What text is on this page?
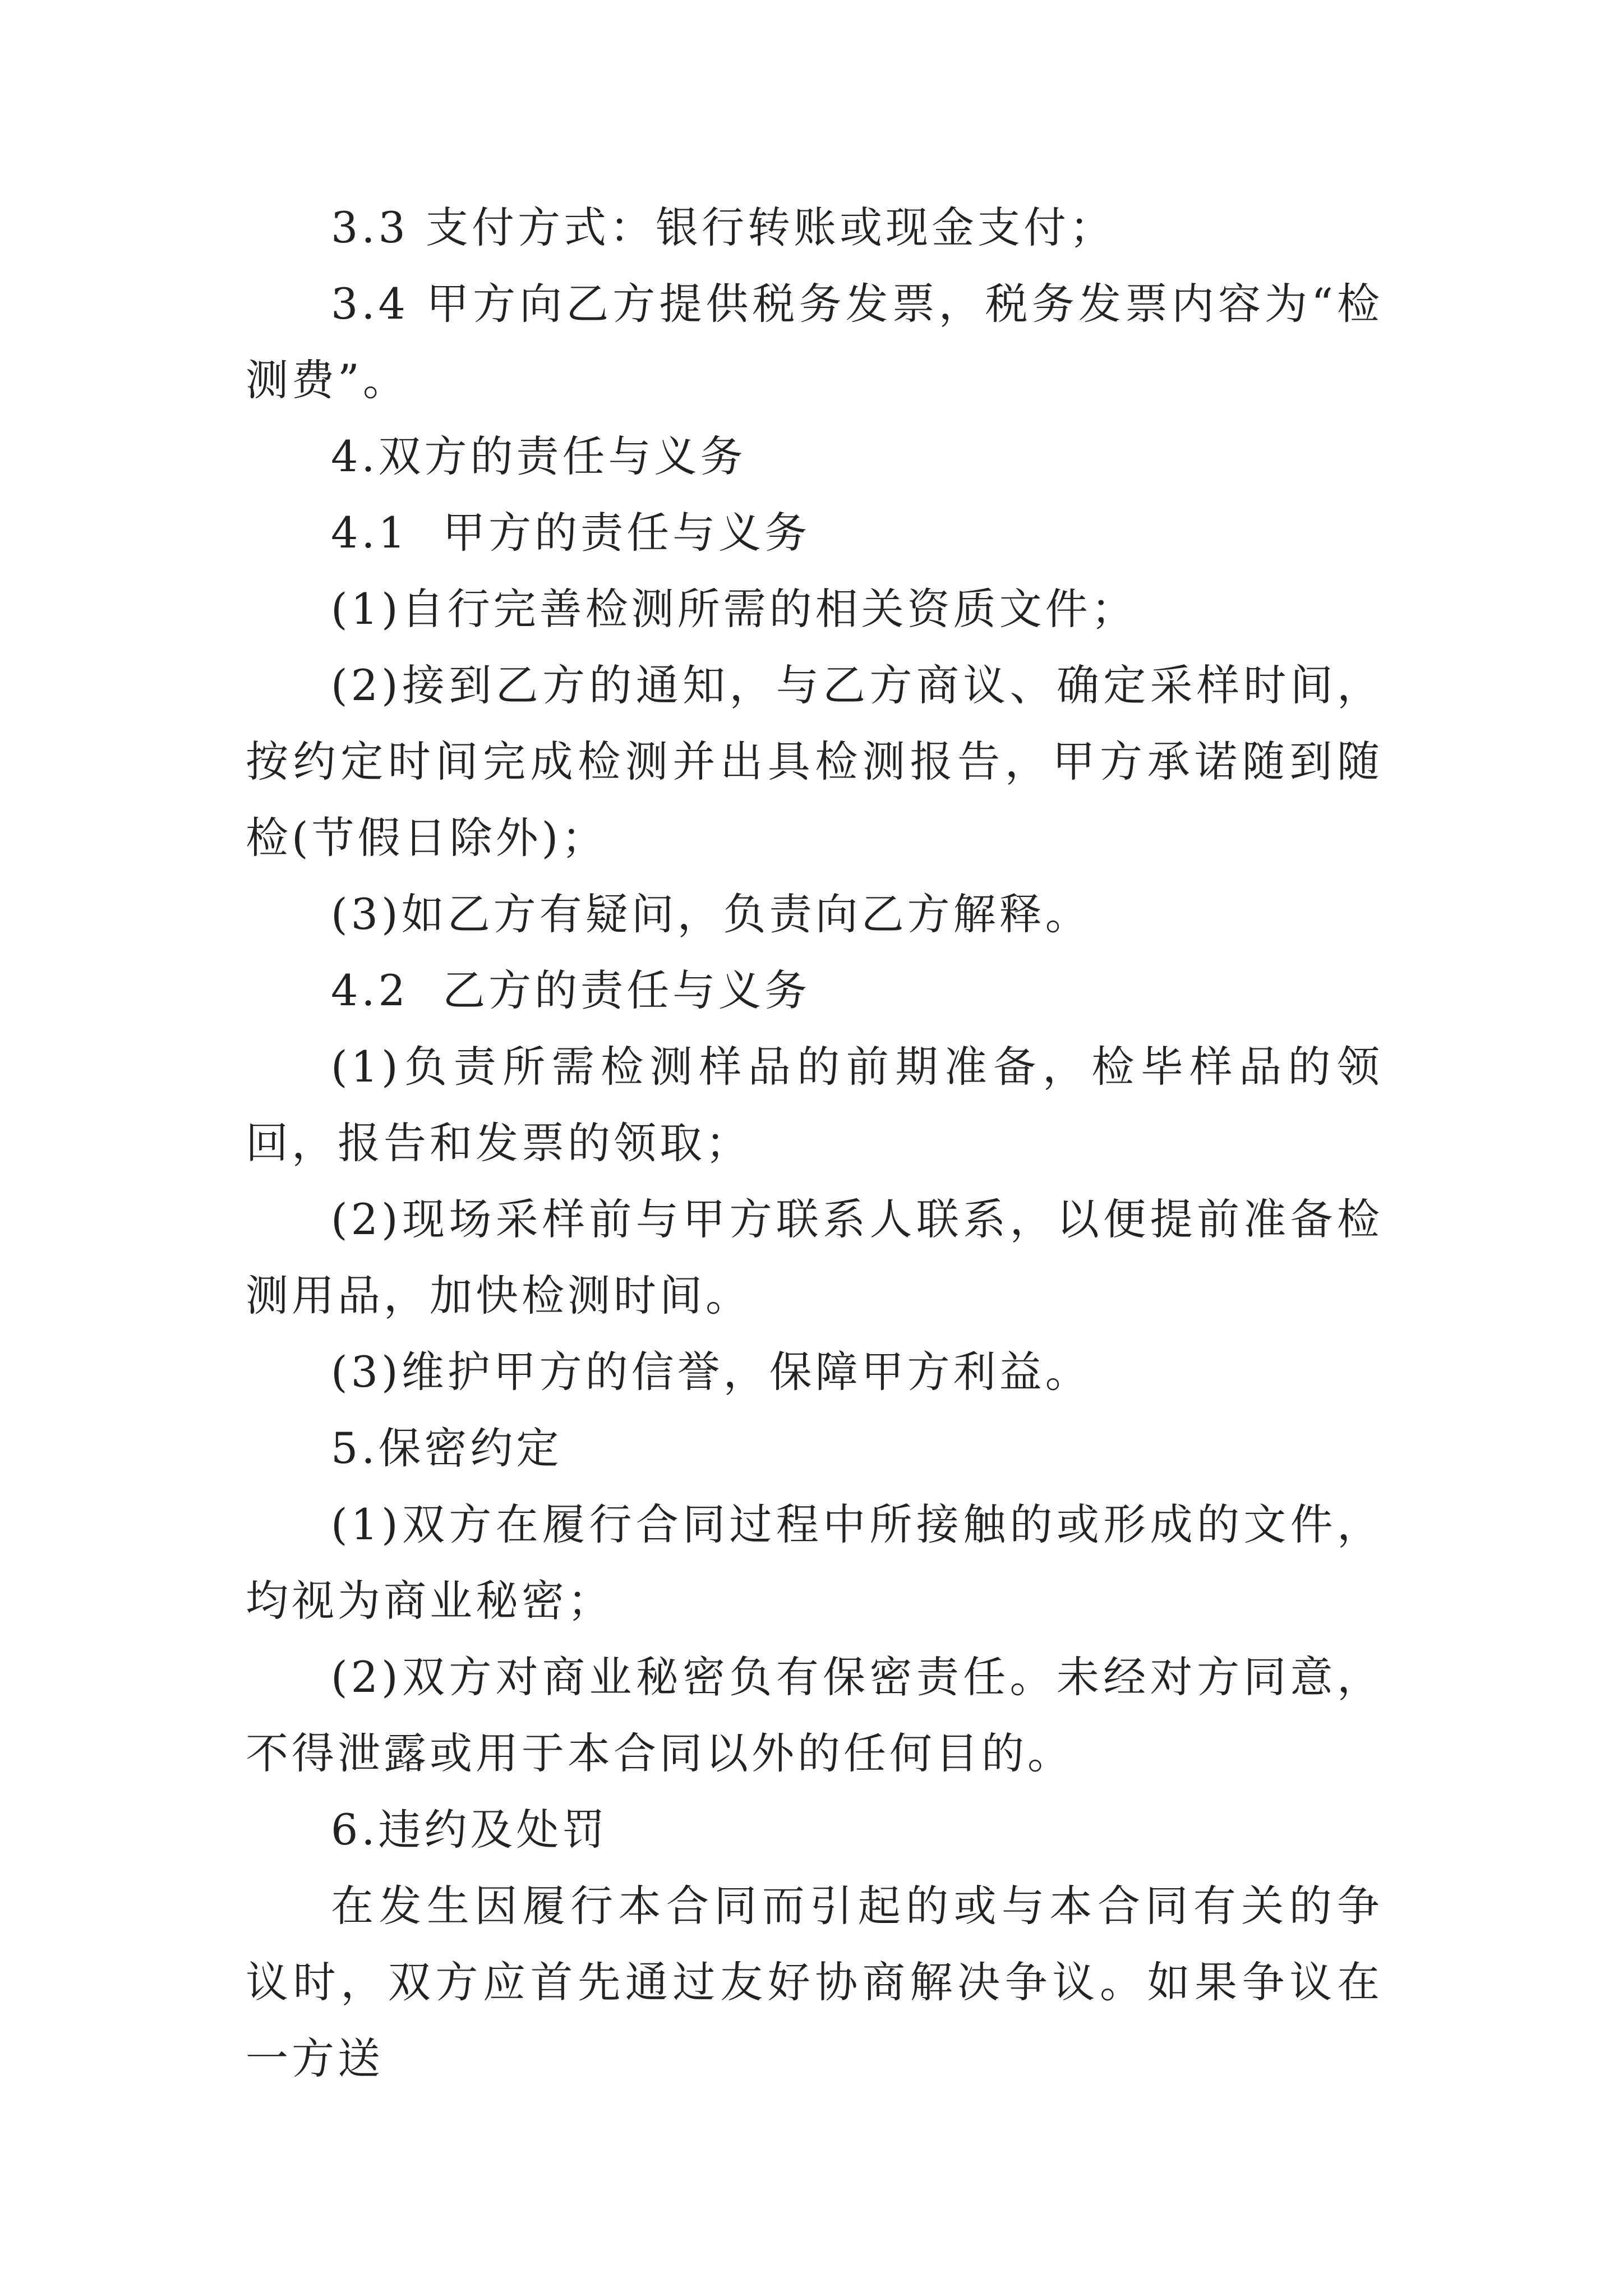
3.3 支付方式：银行转账或现金支付；

3.4 甲方向乙方提供税务发票，税务发票内容为“检测费”。

4.双方的责任与义务

4.1  甲方的责任与义务

(1)自行完善检测所需的相关资质文件；

(2)接到乙方的通知，与乙方商议、确定采样时间，按约定时间完成检测并出具检测报告，甲方承诺随到随检(节假日除外)；

(3)如乙方有疑问，负责向乙方解释。

4.2  乙方的责任与义务

(1)负责所需检测样品的前期准备，检毕样品的领回，报告和发票的领取；

(2)现场采样前与甲方联系人联系，以便提前准备检测用品，加快检测时间。

(3)维护甲方的信誉，保障甲方利益。

5.保密约定

(1)双方在履行合同过程中所接触的或形成的文件，均视为商业秘密；

(2)双方对商业秘密负有保密责任。未经对方同意，不得泄露或用于本合同以外的任何目的。

6.违约及处罚

在发生因履行本合同而引起的或与本合同有关的争议时，双方应首先通过友好协商解决争议。如果争议在一方送
